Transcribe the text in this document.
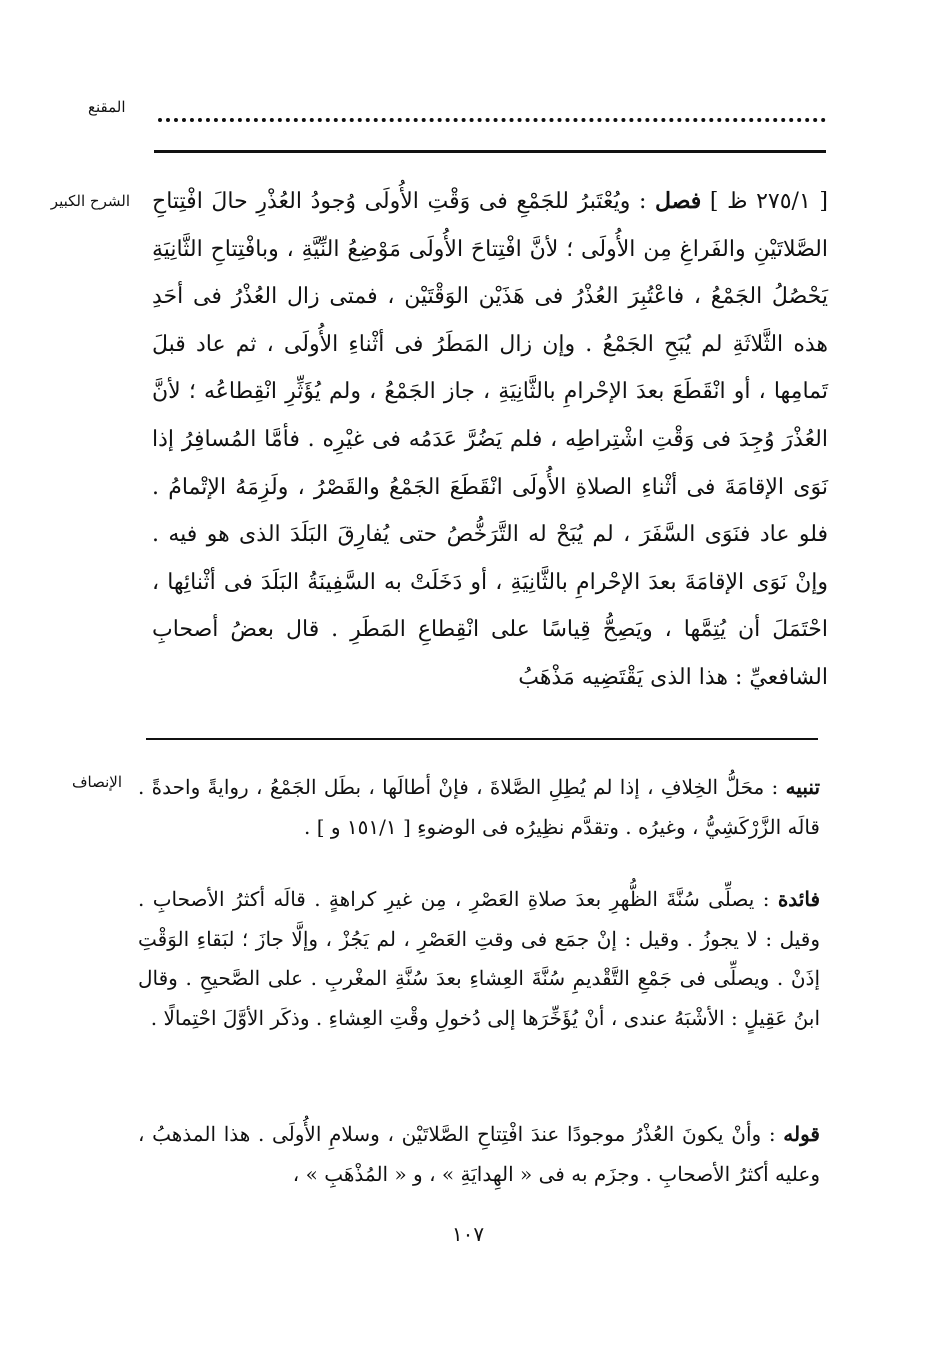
المقنع
الشرح الكبير	[ ٢٧٥/١ ظ ] فصل : ويُعْتَبرُ للجَمْعِ فى وَقْتِ الأُولَى وُجودُ العُذْرِ حالَ افْتِتاحِ الصَّلاتَيْنِ والفَراغِ مِن الأُولَى ؛ لأنَّ افْتِتاحَ الأُولَى مَوْضِعُ النِّيَّةِ ، وبافْتِتاحِ الثَّانِيَةِ يَحْصُلُ الجَمْعُ ، فاعْتُبِرَ العُذْرُ فى هَذَيْن الوَقْتَيْن ، فمتى زال العُذْرُ فى أحَدِ هذه الثَّلاثَةِ لم يُبَحِ الجَمْعُ . وإن زال المَطَرُ فى أثْناءِ الأُولَى ، ثم عاد قبلَ تَمامِها ، أو انْقَطَعَ بعدَ الإحْرامِ بالثَّانِيَةِ ، جاز الجَمْعُ ، ولم يُؤَثِّرِ انْقِطاعُه ؛ لأنَّ العُذْرَ وُجِدَ فى وَقْتِ اشْتِراطِه ، فلم يَضُرَّ عَدَمُه فى غيْرِه . فأمَّا المُسافِرُ إذا نَوَى الإقامَةَ فى أثْناءِ الصلاةِ الأُولَى انْقَطَعَ الجَمْعُ والقَصْرُ ، ولَزِمَهُ الإتْمامُ . فلو عاد فنَوَى السَّفَرَ ، لم يُبَحْ له التَّرَخُّصُ حتى يُفارِقَ البَلَدَ الذى هو فيه . وإنْ نَوَى الإقامَةَ بعدَ الإحْرامِ بالثَّانِيَةِ ، أو دَخَلَتْ به السَّفِينَةُ البَلَدَ فى أثْنائِها ، احْتَمَلَ أن يُتِمَّها ، ويَصِحُّ قِياسًا على انْقِطاعِ المَطَرِ . قال بعضُ أصحابِ الشافعيِّ : هذا الذى يَقْتَضِيه مَذْهَبُ
الإنصاف	تنبيه : محَلُّ الخِلافِ ، إذا لم يُطِلِ الصَّلاةَ ، فإنْ أطالَها ، بطَل الجَمْعُ ، روايةً واحدةً . قالَه الزَّرْكَشِيُّ ، وغيرُه . وتقدَّم نظِيرُه فى الوضوءِ [ ١٥١/١ و ] .
فائدة : يصلِّى سُنَّةَ الظُّهرِ بعدَ صلاةِ العَصْرِ ، مِن غيرِ كراهةٍ . قالَه أكثرُ الأصحابِ . وقيل : لا يجوزُ . وقيل : إنْ جمَع فى وقتِ العَصْرِ ، لم يَجُزْ ، وإلَّا جازَ ؛ لبَقاءِ الوَقْتِ إذَنْ . ويصلِّى فى جَمْعِ التَّقْديمِ سُنَّةَ العِشاءِ بعدَ سُنَّةِ المغْربِ . على الصَّحيحِ . وقال ابنُ عَقِيلٍ : الأشْبَهُ عندى ، أنْ يُؤَخِّرَها إلى دُخولِ وقْتِ العِشاءِ . وذكَر الأوَّلَ احْتِمالًا .
قوله : وأنْ يكونَ العُذْرُ موجودًا عندَ افْتِتاحِ الصَّلاتَيْن ، وسلامِ الأُولَى . هذا المذهبُ ، وعليه أكثرُ الأصحابِ . وجزَم به فى « الهِدايَةِ » ، و « المُذْهَبِ » ،
١٠٧
